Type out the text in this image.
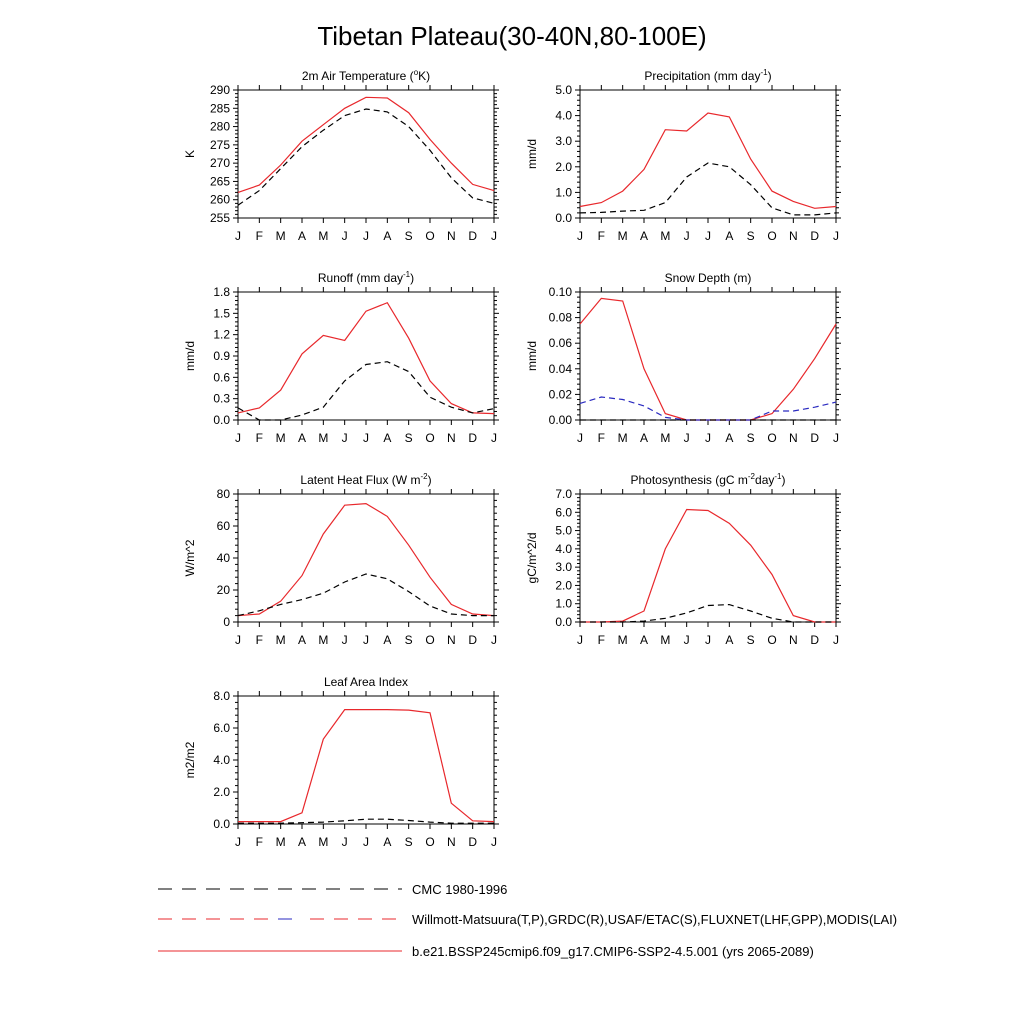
Tibetan Plateau(30-40N,80-100E)
2m Air Temperature ($^o$K)
K
255
260
265
270
275
280
285
290
J F M A M J J A S O N D J
Precipitation (mm day$^{-1}$)
mm/d
0.0
1.0
2.0
3.0
4.0
5.0
J F M A M J J A S O N D J
Runoff (mm day$^{-1}$)
mm/d
0.0
0.3
0.6
0.9
1.2
1.5
1.8
J F M A M J J A S O N D J
Snow Depth (m)
mm/d
0.00
0.02
0.04
0.06
0.08
0.10
J F M A M J J A S O N D J
Latent Heat Flux (W $m^{-2}$)
W/m^2
0
20
40
60
80
J F M A M J J A S O N D J
Photosynthesis (gC $m^{-2}day^{-1}$)
gC/m^2/d
0.0
1.0
2.0
3.0
4.0
5.0
6.0
7.0
J F M A M J J A S O N D J
Leaf Area Index
m2/m2
0.0
2.0
4.0
6.0
8.0
J F M A M J J A S O N D J
CMC 1980-1996
Willmott-Matsuura(T,P),GRDC(R),USAF/ETAC(S),FLUXNET(LHF,GPP),MODIS(LAI)
b.e21.BSSP245cmip6.f09_g17.CMIP6-SSP2-4.5.001 (yrs 2065-2089)
